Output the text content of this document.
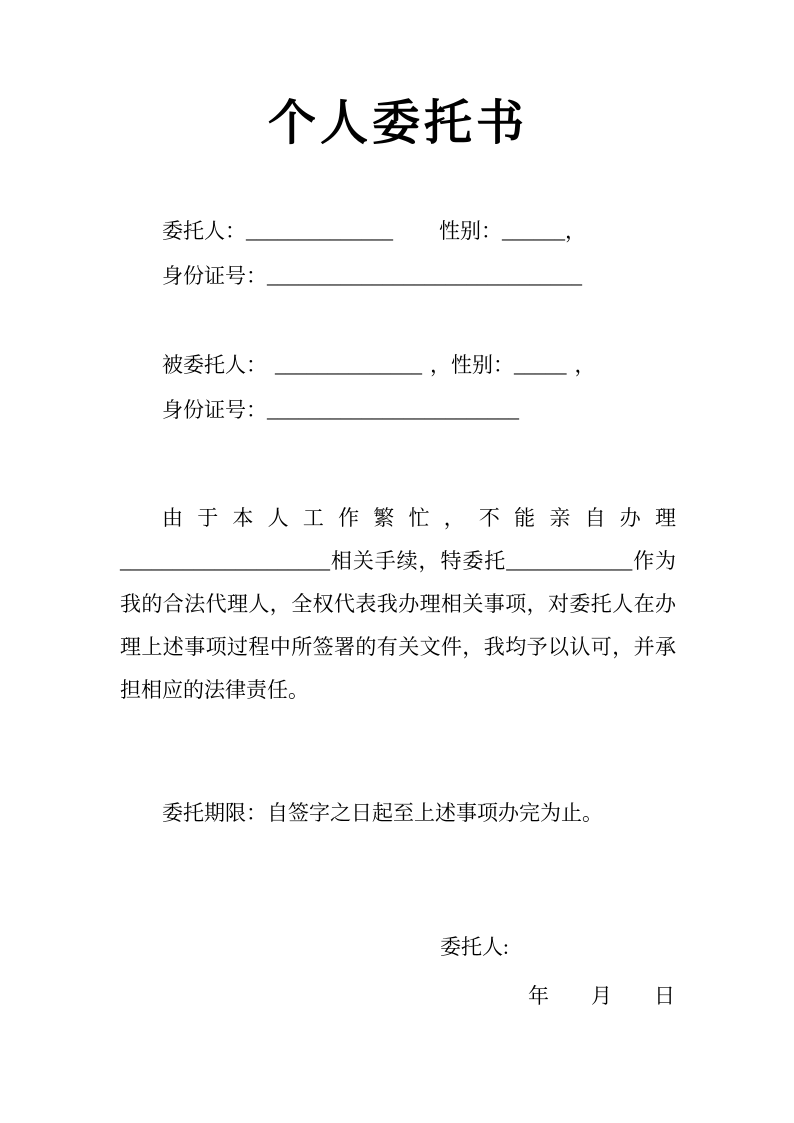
个人委托书

委托人：______________ 性别：______，

身份证号：______________________________

被委托人： ______________ ，性别：_____ ，

身份证号：________________________

由于本人工作繁忙，不能亲自办理____________________相关手续，特委托____________作为我的合法代理人，全权代表我办理相关事项，对委托人在办理上述事项过程中所签署的有关文件，我均予以认可，并承担相应的法律责任。

委托期限：自签字之日起至上述事项办完为止。

委托人:

年 月 日
